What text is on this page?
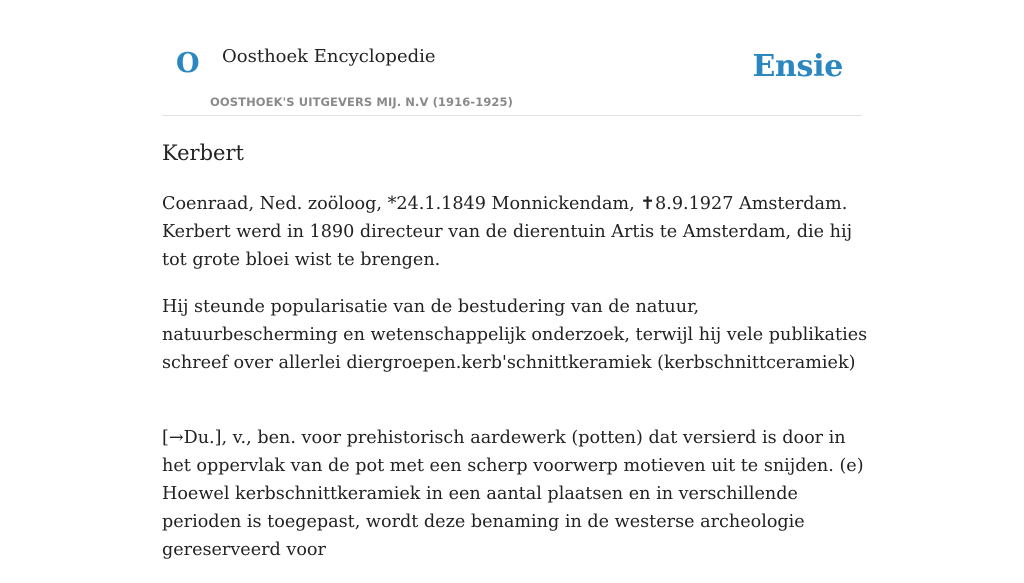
O Oosthoek Encyclopedie
OOSTHOEK'S UITGEVERS MIJ. N.V (1916-1925)
Ensie
Kerbert

Coenraad, Ned. zoöloog, *24.1.1849 Monnickendam, ✝8.9.1927 Amsterdam. Kerbert werd in 1890 directeur van de dierentuin Artis te Amsterdam, die hij tot grote bloei wist te brengen.

Hij steunde popularisatie van de bestudering van de natuur, natuurbescherming en wetenschappelijk onderzoek, terwijl hij vele publikaties schreef over allerlei diergroepen.kerb'schnittkeramiek (kerbschnittceramiek)

[→Du.], v., ben. voor prehistorisch aardewerk (potten) dat versierd is door in het oppervlak van de pot met een scherp voorwerp motieven uit te snijden. (e) Hoewel kerbschnittkeramiek in een aantal plaatsen en in verschillende perioden is toegepast, wordt deze benaming in de westerse archeologie gereserveerd voor
